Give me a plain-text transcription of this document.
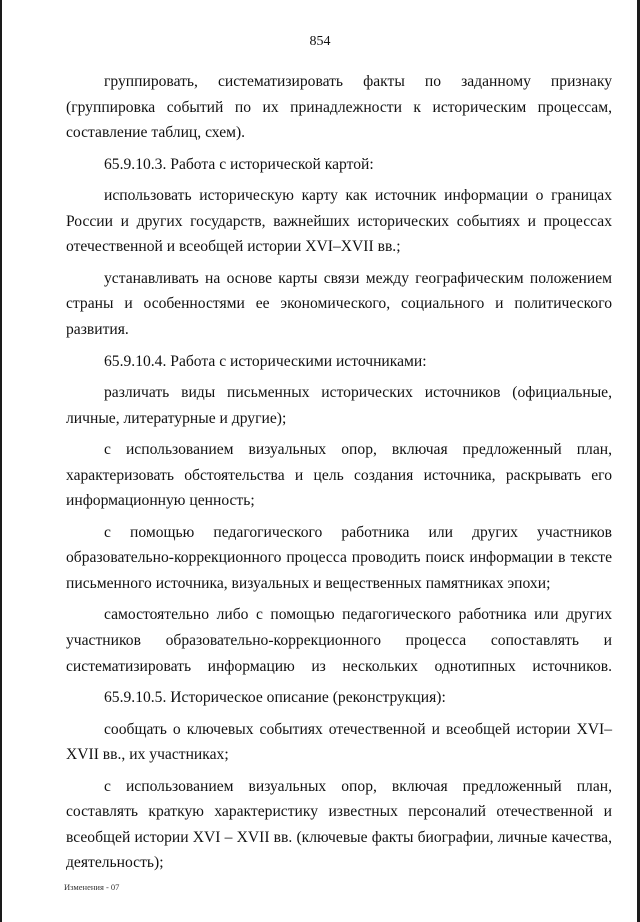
854

группировать, систематизировать факты по заданному признаку (группировка событий по их принадлежности к историческим процессам, составление таблиц, схем).

65.9.10.3. Работа с исторической картой:

использовать историческую карту как источник информации о границах России и других государств, важнейших исторических событиях и процессах отечественной и всеобщей истории XVI–XVII вв.;

устанавливать на основе карты связи между географическим положением страны и особенностями ее экономического, социального и политического развития.

65.9.10.4. Работа с историческими источниками:

различать виды письменных исторических источников (официальные, личные, литературные и другие);

с использованием визуальных опор, включая предложенный план, характеризовать обстоятельства и цель создания источника, раскрывать его информационную ценность;

с помощью педагогического работника или других участников образовательно-коррекционного процесса проводить поиск информации в тексте письменного источника, визуальных и вещественных памятниках эпохи;

самостоятельно либо с помощью педагогического работника или других участников образовательно-коррекционного процесса сопоставлять и систематизировать информацию из нескольких однотипных источников.

65.9.10.5. Историческое описание (реконструкция):

сообщать о ключевых событиях отечественной и всеобщей истории XVI–XVII вв., их участниках;

с использованием визуальных опор, включая предложенный план, составлять краткую характеристику известных персоналий отечественной и всеобщей истории XVI – XVII вв. (ключевые факты биографии, личные качества, деятельность);

Изменения - 07
